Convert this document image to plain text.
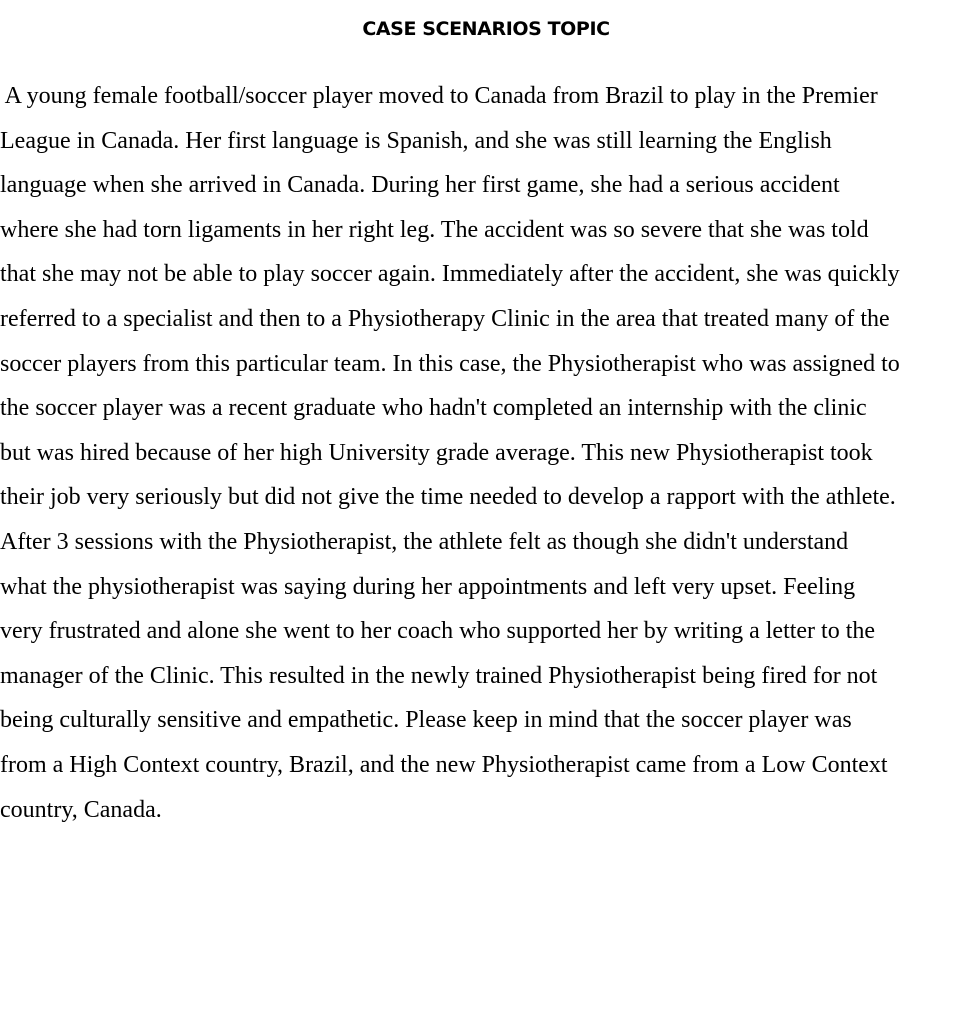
CASE SCENARIOS TOPIC
A young female football/soccer player moved to Canada from Brazil to play in the Premier
League in Canada. Her first language is Spanish, and she was still learning the English
language when she arrived in Canada. During her first game, she had a serious accident
where she had torn ligaments in her right leg. The accident was so severe that she was told
that she may not be able to play soccer again. Immediately after the accident, she was quickly
referred to a specialist and then to a Physiotherapy Clinic in the area that treated many of the
soccer players from this particular team. In this case, the Physiotherapist who was assigned to
the soccer player was a recent graduate who hadn't completed an internship with the clinic
but was hired because of her high University grade average. This new Physiotherapist took
their job very seriously but did not give the time needed to develop a rapport with the athlete.
After 3 sessions with the Physiotherapist, the athlete felt as though she didn't understand
what the physiotherapist was saying during her appointments and left very upset. Feeling
very frustrated and alone she went to her coach who supported her by writing a letter to the
manager of the Clinic. This resulted in the newly trained Physiotherapist being fired for not
being culturally sensitive and empathetic. Please keep in mind that the soccer player was
from a High Context country, Brazil, and the new Physiotherapist came from a Low Context
country, Canada.
